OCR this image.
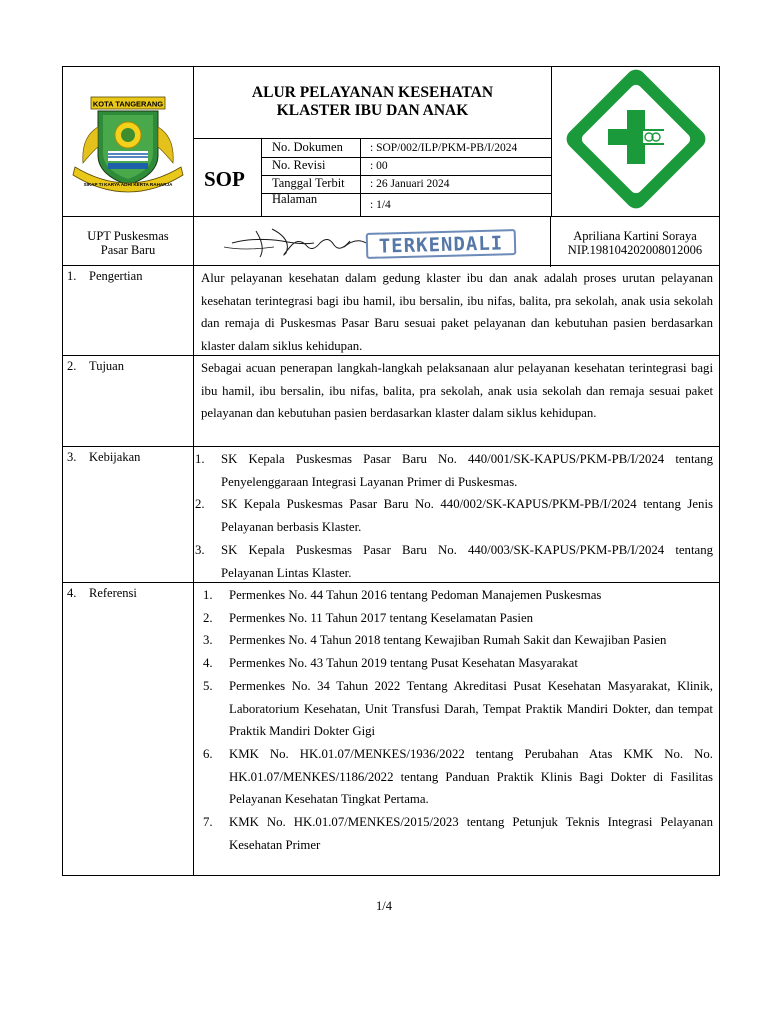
KOTA TANGERANG
SIKAP TI KARYA ADHI KERTA RAHARJA
ALUR PELAYANAN KESEHATAN
KLASTER IBU DAN ANAK
SOP
No. Dokumen : SOP/002/ILP/PKM-PB/I/2024
No. Revisi	: 00
Tanggal Terbit : 26 Januari 2024
Halaman	: 1/4
UPT Puskesmas
Pasar Baru	TERKENDALI	Apriliana Kartini Soraya
NIP.198104202008012006
1. Pengertian	Alur pelayanan kesehatan dalam gedung klaster ibu dan anak adalah proses urutan pelayanan kesehatan terintegrasi bagi ibu hamil, ibu bersalin, ibu nifas, balita, pra sekolah, anak usia sekolah dan remaja di Puskesmas Pasar Baru sesuai paket pelayanan dan kebutuhan pasien berdasarkan klaster dalam siklus kehidupan.

2. Tujuan	Sebagai acuan penerapan langkah-langkah pelaksanaan alur pelayanan kesehatan terintegrasi bagi ibu hamil, ibu bersalin, ibu nifas, balita, pra sekolah, anak usia sekolah dan remaja sesuai paket pelayanan dan kebutuhan pasien berdasarkan klaster dalam siklus kehidupan.

3. Kebijakan	1. SK Kepala Puskesmas Pasar Baru No. 440/001/SK-KAPUS/PKM-PB/I/2024 tentang Penyelenggaraan Integrasi Layanan Primer di Puskesmas.
2. SK Kepala Puskesmas Pasar Baru No. 440/002/SK-KAPUS/PKM-PB/I/2024 tentang Jenis Pelayanan berbasis Klaster.
3. SK Kepala Puskesmas Pasar Baru No. 440/003/SK-KAPUS/PKM-PB/I/2024 tentang Pelayanan Lintas Klaster.
4. Referensi	1. Permenkes No. 44 Tahun 2016 tentang Pedoman Manajemen Puskesmas
2. Permenkes No. 11 Tahun 2017 tentang Keselamatan Pasien
3. Permenkes No. 4 Tahun 2018 tentang Kewajiban Rumah Sakit dan Kewajiban Pasien
4. Permenkes No. 43 Tahun 2019 tentang Pusat Kesehatan Masyarakat
5. Permenkes No. 34 Tahun 2022 Tentang Akreditasi Pusat Kesehatan Masyarakat, Klinik, Laboratorium Kesehatan, Unit Transfusi Darah, Tempat Praktik Mandiri Dokter, dan tempat Praktik Mandiri Dokter Gigi
6. KMK No. HK.01.07/MENKES/1936/2022 tentang Perubahan Atas KMK No. No. HK.01.07/MENKES/1186/2022 tentang Panduan Praktik Klinis Bagi Dokter di Fasilitas Pelayanan Kesehatan Tingkat Pertama.
7. KMK No. HK.01.07/MENKES/2015/2023 tentang Petunjuk Teknis Integrasi Pelayanan Kesehatan Primer
1/4
